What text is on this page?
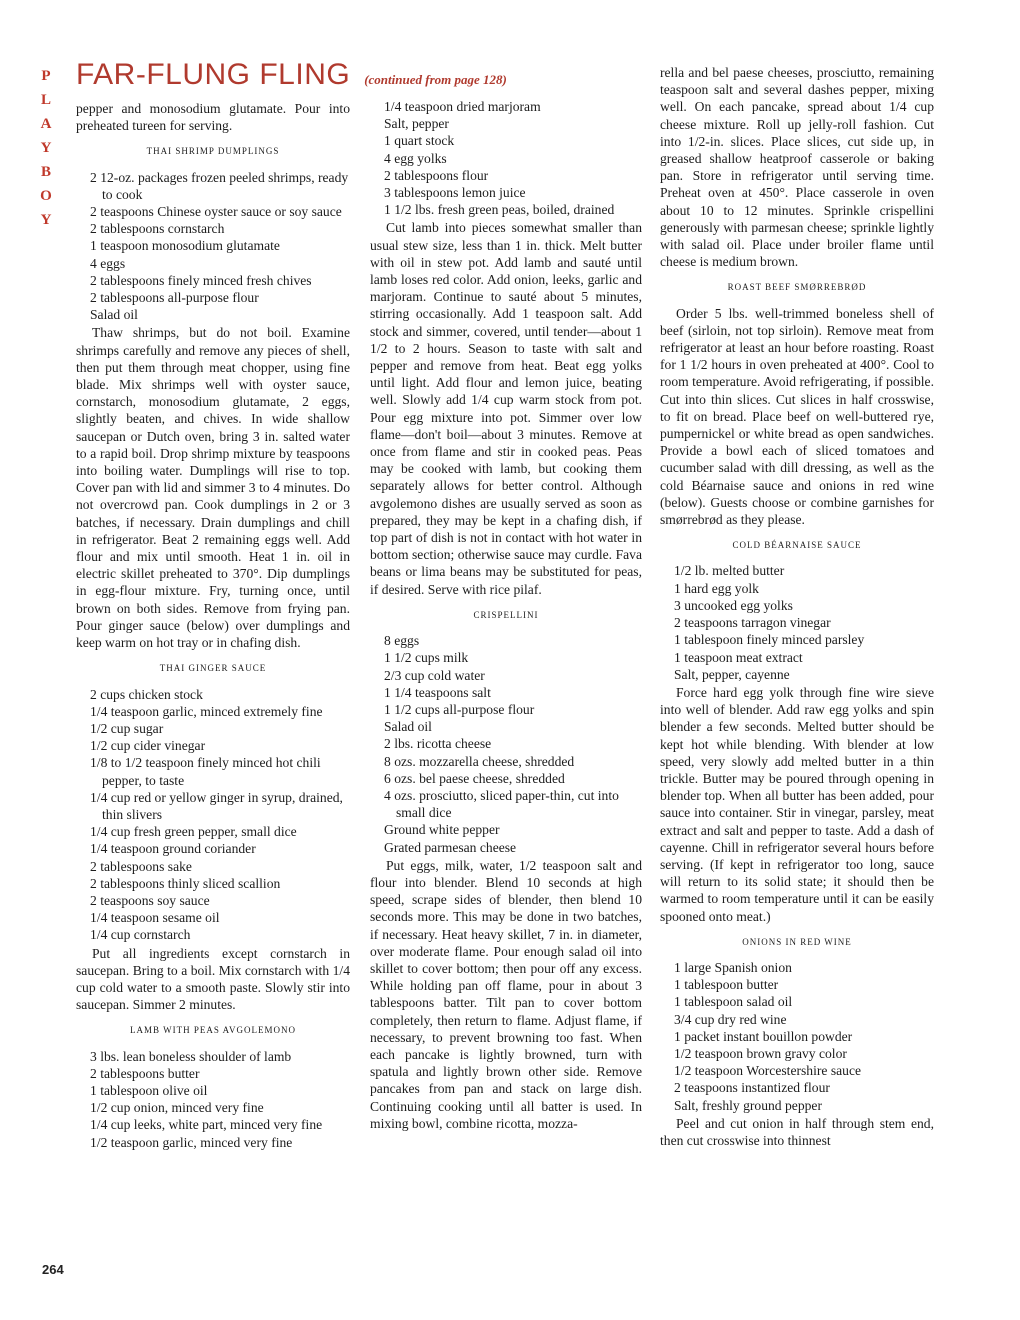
P
L
A
Y
B
O
Y
264
FAR-FLUNG FLING (continued from page 128)

pepper and monosodium glutamate. Pour into preheated tureen for serving.

THAI SHRIMP DUMPLINGS
2 12-oz. packages frozen peeled shrimps, ready to cook
2 teaspoons Chinese oyster sauce or soy sauce
2 tablespoons cornstarch
1 teaspoon monosodium glutamate
4 eggs
2 tablespoons finely minced fresh chives
2 tablespoons all-purpose flour
Salad oil

Thaw shrimps, but do not boil. Examine shrimps carefully and remove any pieces of shell, then put them through meat chopper, using fine blade. Mix shrimps well with oyster sauce, cornstarch, monosodium glutamate, 2 eggs, slightly beaten, and chives. In wide shallow saucepan or Dutch oven, bring 3 in. salted water to a rapid boil. Drop shrimp mixture by teaspoons into boiling water. Dumplings will rise to top. Cover pan with lid and simmer 3 to 4 minutes. Do not overcrowd pan. Cook dumplings in 2 or 3 batches, if necessary. Drain dumplings and chill in refrigerator. Beat 2 remaining eggs well. Add flour and mix until smooth. Heat 1 in. oil in electric skillet preheated to 370°. Dip dumplings in egg-flour mixture. Fry, turning once, until brown on both sides. Remove from frying pan. Pour ginger sauce (below) over dumplings and keep warm on hot tray or in chafing dish.

THAI GINGER SAUCE
2 cups chicken stock
1/4 teaspoon garlic, minced extremely fine
1/2 cup sugar
1/2 cup cider vinegar
1/8 to 1/2 teaspoon finely minced hot chili pepper, to taste
1/4 cup red or yellow ginger in syrup, drained, thin slivers
1/4 cup fresh green pepper, small dice
1/4 teaspoon ground coriander
2 tablespoons sake
2 tablespoons thinly sliced scallion
2 teaspoons soy sauce
1/4 teaspoon sesame oil
1/4 cup cornstarch

Put all ingredients except cornstarch in saucepan. Bring to a boil. Mix cornstarch with 1/4 cup cold water to a smooth paste. Slowly stir into saucepan. Simmer 2 minutes.

LAMB WITH PEAS AVGOLEMONO
3 lbs. lean boneless shoulder of lamb
2 tablespoons butter
1 tablespoon olive oil
1/2 cup onion, minced very fine
1/4 cup leeks, white part, minced very fine
1/2 teaspoon garlic, minced very fine
1/4 teaspoon dried marjoram
Salt, pepper
1 quart stock
4 egg yolks
2 tablespoons flour
3 tablespoons lemon juice
1 1/2 lbs. fresh green peas, boiled, drained

Cut lamb into pieces somewhat smaller than usual stew size, less than 1 in. thick. Melt butter with oil in stew pot. Add lamb and sauté until lamb loses red color. Add onion, leeks, garlic and marjoram. Continue to sauté about 5 minutes, stirring occasionally. Add 1 teaspoon salt. Add stock and simmer, covered, until tender—about 1 1/2 to 2 hours. Season to taste with salt and pepper and remove from heat. Beat egg yolks until light. Add flour and lemon juice, beating well. Slowly add 1/4 cup warm stock from pot. Pour egg mixture into pot. Simmer over low flame—don't boil—about 3 minutes. Remove at once from flame and stir in cooked peas. Peas may be cooked with lamb, but cooking them separately allows for better control. Although avgolemono dishes are usually served as soon as prepared, they may be kept in a chafing dish, if top part of dish is not in contact with hot water in bottom section; otherwise sauce may curdle. Fava beans or lima beans may be substituted for peas, if desired. Serve with rice pilaf.

CRISPELLINI
8 eggs
1 1/2 cups milk
2/3 cup cold water
1 1/4 teaspoons salt
1 1/2 cups all-purpose flour
Salad oil
2 lbs. ricotta cheese
8 ozs. mozzarella cheese, shredded
6 ozs. bel paese cheese, shredded
4 ozs. prosciutto, sliced paper-thin, cut into small dice
Ground white pepper
Grated parmesan cheese

Put eggs, milk, water, 1/2 teaspoon salt and flour into blender. Blend 10 seconds at high speed, scrape sides of blender, then blend 10 seconds more. This may be done in two batches, if necessary. Heat heavy skillet, 7 in. in diameter, over moderate flame. Pour enough salad oil into skillet to cover bottom; then pour off any excess. While holding pan off flame, pour in about 3 tablespoons batter. Tilt pan to cover bottom completely, then return to flame. Adjust flame, if necessary, to prevent browning too fast. When each pancake is lightly browned, turn with spatula and lightly brown other side. Remove pancakes from pan and stack on large dish. Continuing cooking until all batter is used. In mixing bowl, combine ricotta, mozza-

rella and bel paese cheeses, prosciutto, remaining teaspoon salt and several dashes pepper, mixing well. On each pancake, spread about 1/4 cup cheese mixture. Roll up jelly-roll fashion. Cut into 1/2-in. slices. Place slices, cut side up, in greased shallow heatproof casserole or baking pan. Store in refrigerator until serving time. Preheat oven at 450°. Place casserole in oven about 10 to 12 minutes. Sprinkle crispellini generously with parmesan cheese; sprinkle lightly with salad oil. Place under broiler flame until cheese is medium brown.

ROAST BEEF SMØRREBRØD

Order 5 lbs. well-trimmed boneless shell of beef (sirloin, not top sirloin). Remove meat from refrigerator at least an hour before roasting. Roast for 1 1/2 hours in oven preheated at 400°. Cool to room temperature. Avoid refrigerating, if possible. Cut into thin slices. Cut slices in half crosswise, to fit on bread. Place beef on well-buttered rye, pumpernickel or white bread as open sandwiches. Provide a bowl each of sliced tomatoes and cucumber salad with dill dressing, as well as the cold Béarnaise sauce and onions in red wine (below). Guests choose or combine garnishes for smørrebrød as they please.

COLD BÉARNAISE SAUCE
1/2 lb. melted butter
1 hard egg yolk
3 uncooked egg yolks
2 teaspoons tarragon vinegar
1 tablespoon finely minced parsley
1 teaspoon meat extract
Salt, pepper, cayenne

Force hard egg yolk through fine wire sieve into well of blender. Add raw egg yolks and spin blender a few seconds. Melted butter should be kept hot while blending. With blender at low speed, very slowly add melted butter in a thin trickle. Butter may be poured through opening in blender top. When all butter has been added, pour sauce into container. Stir in vinegar, parsley, meat extract and salt and pepper to taste. Add a dash of cayenne. Chill in refrigerator several hours before serving. (If kept in refrigerator too long, sauce will return to its solid state; it should then be warmed to room temperature until it can be easily spooned onto meat.)

ONIONS IN RED WINE
1 large Spanish onion
1 tablespoon butter
1 tablespoon salad oil
3/4 cup dry red wine
1 packet instant bouillon powder
1/2 teaspoon brown gravy color
1/2 teaspoon Worcestershire sauce
2 teaspoons instantized flour
Salt, freshly ground pepper

Peel and cut onion in half through stem end, then cut crosswise into thinnest
